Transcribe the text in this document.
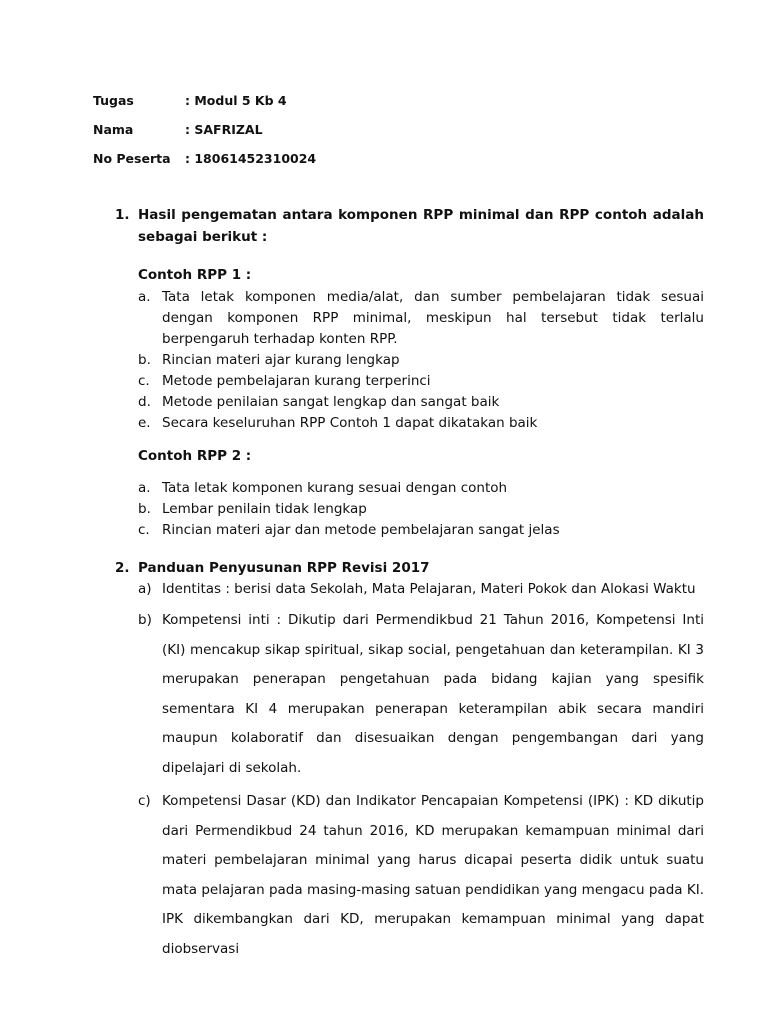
Tugas	: Modul 5 Kb 4
Nama	: SAFRIZAL
No Peserta	: 18061452310024
1. Hasil pengematan antara komponen RPP minimal dan RPP contoh adalah sebagai berikut :
Contoh RPP 1 :
a. Tata letak komponen media/alat, dan sumber pembelajaran tidak sesuai dengan komponen RPP minimal, meskipun hal tersebut tidak terlalu berpengaruh terhadap konten RPP.
b. Rincian materi ajar kurang lengkap
c. Metode pembelajaran kurang terperinci
d. Metode penilaian sangat lengkap dan sangat baik
e. Secara keseluruhan RPP Contoh 1 dapat dikatakan baik
Contoh RPP 2 :
a. Tata letak komponen kurang sesuai dengan contoh
b. Lembar penilain tidak lengkap
c. Rincian materi ajar dan metode pembelajaran sangat jelas
2. Panduan Penyusunan RPP Revisi 2017
a) Identitas : berisi data Sekolah, Mata Pelajaran, Materi Pokok dan Alokasi Waktu
b) Kompetensi inti : Dikutip dari Permendikbud 21 Tahun 2016, Kompetensi Inti (KI) mencakup sikap spiritual, sikap social, pengetahuan dan keterampilan. KI 3 merupakan penerapan pengetahuan pada bidang kajian yang spesifik sementara KI 4 merupakan penerapan keterampilan abik secara mandiri maupun kolaboratif dan disesuaikan dengan pengembangan dari yang dipelajari di sekolah.
c) Kompetensi Dasar (KD) dan Indikator Pencapaian Kompetensi (IPK) : KD dikutip dari Permendikbud 24 tahun 2016, KD merupakan kemampuan minimal dari materi pembelajaran minimal yang harus dicapai peserta didik untuk suatu mata pelajaran pada masing-masing satuan pendidikan yang mengacu pada KI. IPK dikembangkan dari KD, merupakan kemampuan minimal yang dapat diobservasi
